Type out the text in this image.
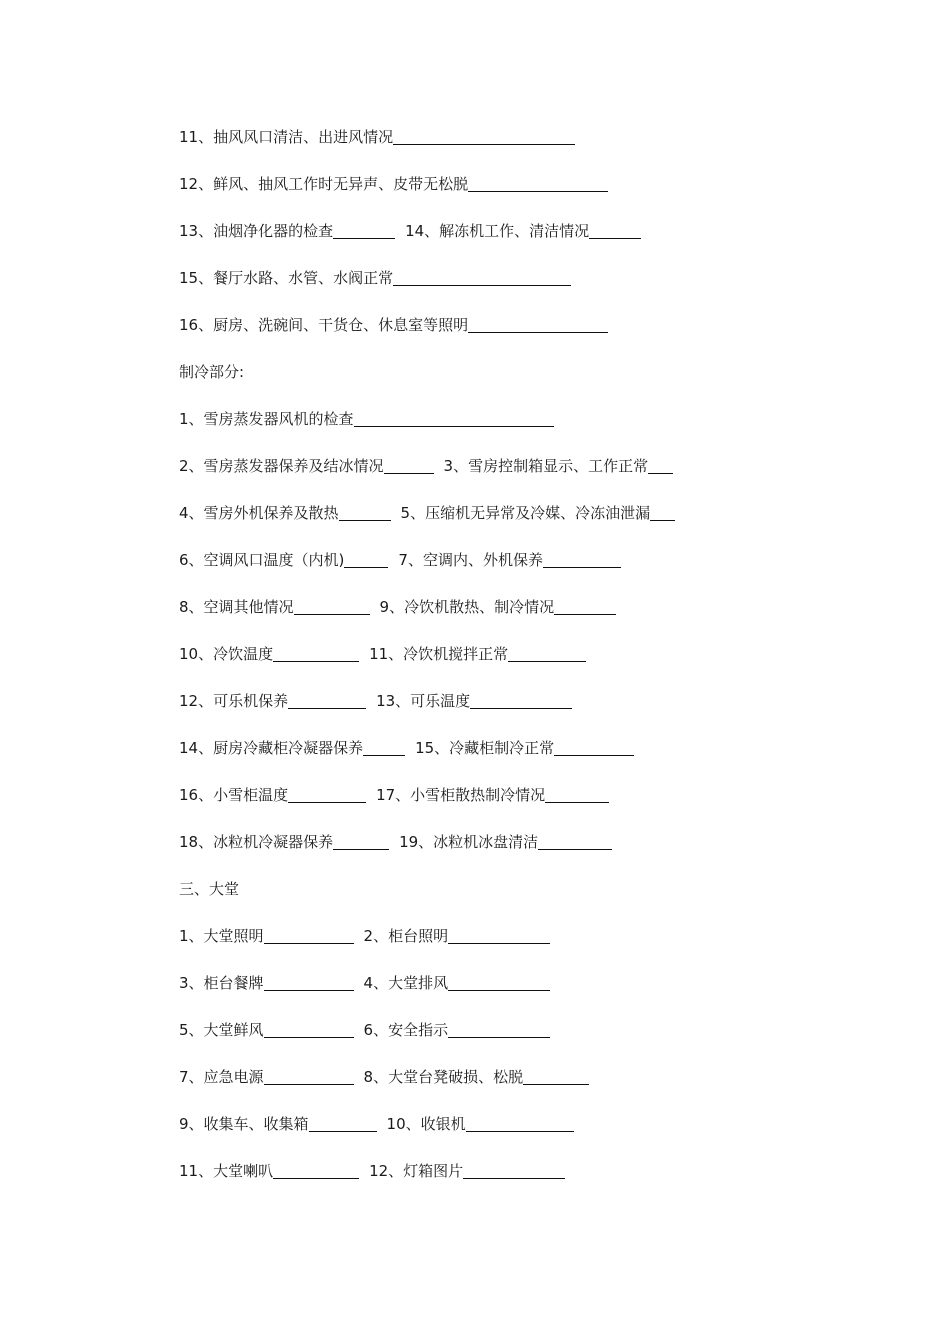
11、抽风风口清洁、出进风情况
12、鲜风、抽风工作时无异声、皮带无松脱
13、油烟净化器的检查	14、解冻机工作、清洁情况
15、餐厅水路、水管、水阀正常
16、厨房、洗碗间、干货仓、休息室等照明
制冷部分:
1、雪房蒸发器风机的检查
2、雪房蒸发器保养及结冰情况	3、雪房控制箱显示、工作正常
4、雪房外机保养及散热	5、压缩机无异常及冷媒、冷冻油泄漏
6、空调风口温度（内机)	7、空调内、外机保养
8、空调其他情况	9、冷饮机散热、制冷情况
10、冷饮温度	11、冷饮机搅拌正常
12、可乐机保养	13、可乐温度
14、厨房冷藏柜冷凝器保养	15、冷藏柜制冷正常
16、小雪柜温度	17、小雪柜散热制冷情况
18、冰粒机冷凝器保养	19、冰粒机冰盘清洁
三、大堂
1、大堂照明	2、柜台照明
3、柜台餐牌	4、大堂排风
5、大堂鲜风	6、安全指示
7、应急电源	8、大堂台凳破损、松脱
9、收集车、收集箱	10、收银机
11、大堂喇叭	12、灯箱图片
